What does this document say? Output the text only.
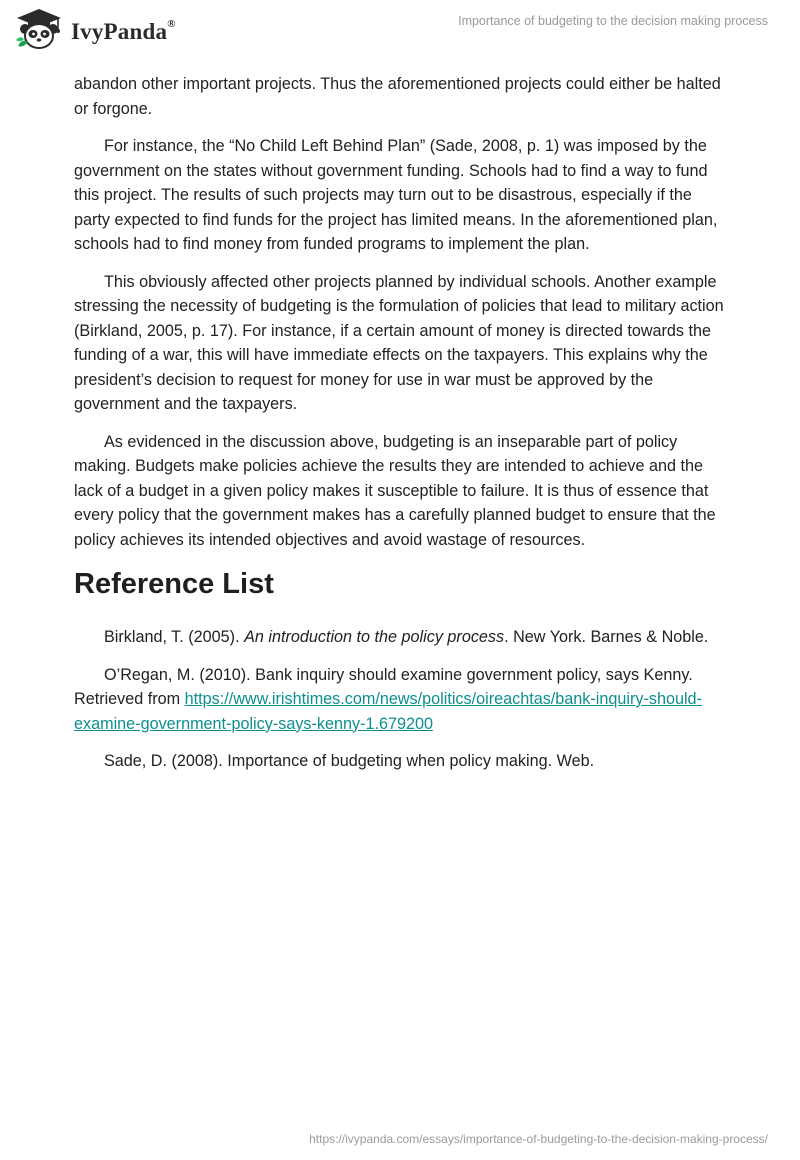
IvyPanda®	Importance of budgeting to the decision making process

abandon other important projects. Thus the aforementioned projects could either be halted or forgone.

For instance, the “No Child Left Behind Plan” (Sade, 2008, p. 1) was imposed by the government on the states without government funding. Schools had to find a way to fund this project. The results of such projects may turn out to be disastrous, especially if the party expected to find funds for the project has limited means. In the aforementioned plan, schools had to find money from funded programs to implement the plan.

This obviously affected other projects planned by individual schools. Another example stressing the necessity of budgeting is the formulation of policies that lead to military action (Birkland, 2005, p. 17). For instance, if a certain amount of money is directed towards the funding of a war, this will have immediate effects on the taxpayers. This explains why the president’s decision to request for money for use in war must be approved by the government and the taxpayers.

As evidenced in the discussion above, budgeting is an inseparable part of policy making. Budgets make policies achieve the results they are intended to achieve and the lack of a budget in a given policy makes it susceptible to failure. It is thus of essence that every policy that the government makes has a carefully planned budget to ensure that the policy achieves its intended objectives and avoid wastage of resources.

Reference List

Birkland, T. (2005). An introduction to the policy process. New York. Barnes & Noble.

O’Regan, M. (2010). Bank inquiry should examine government policy, says Kenny. Retrieved from https://www.irishtimes.com/news/politics/oireachtas/bank-inquiry-should-examine-government-policy-says-kenny-1.679200

Sade, D. (2008). Importance of budgeting when policy making. Web.

https://ivypanda.com/essays/importance-of-budgeting-to-the-decision-making-process/
